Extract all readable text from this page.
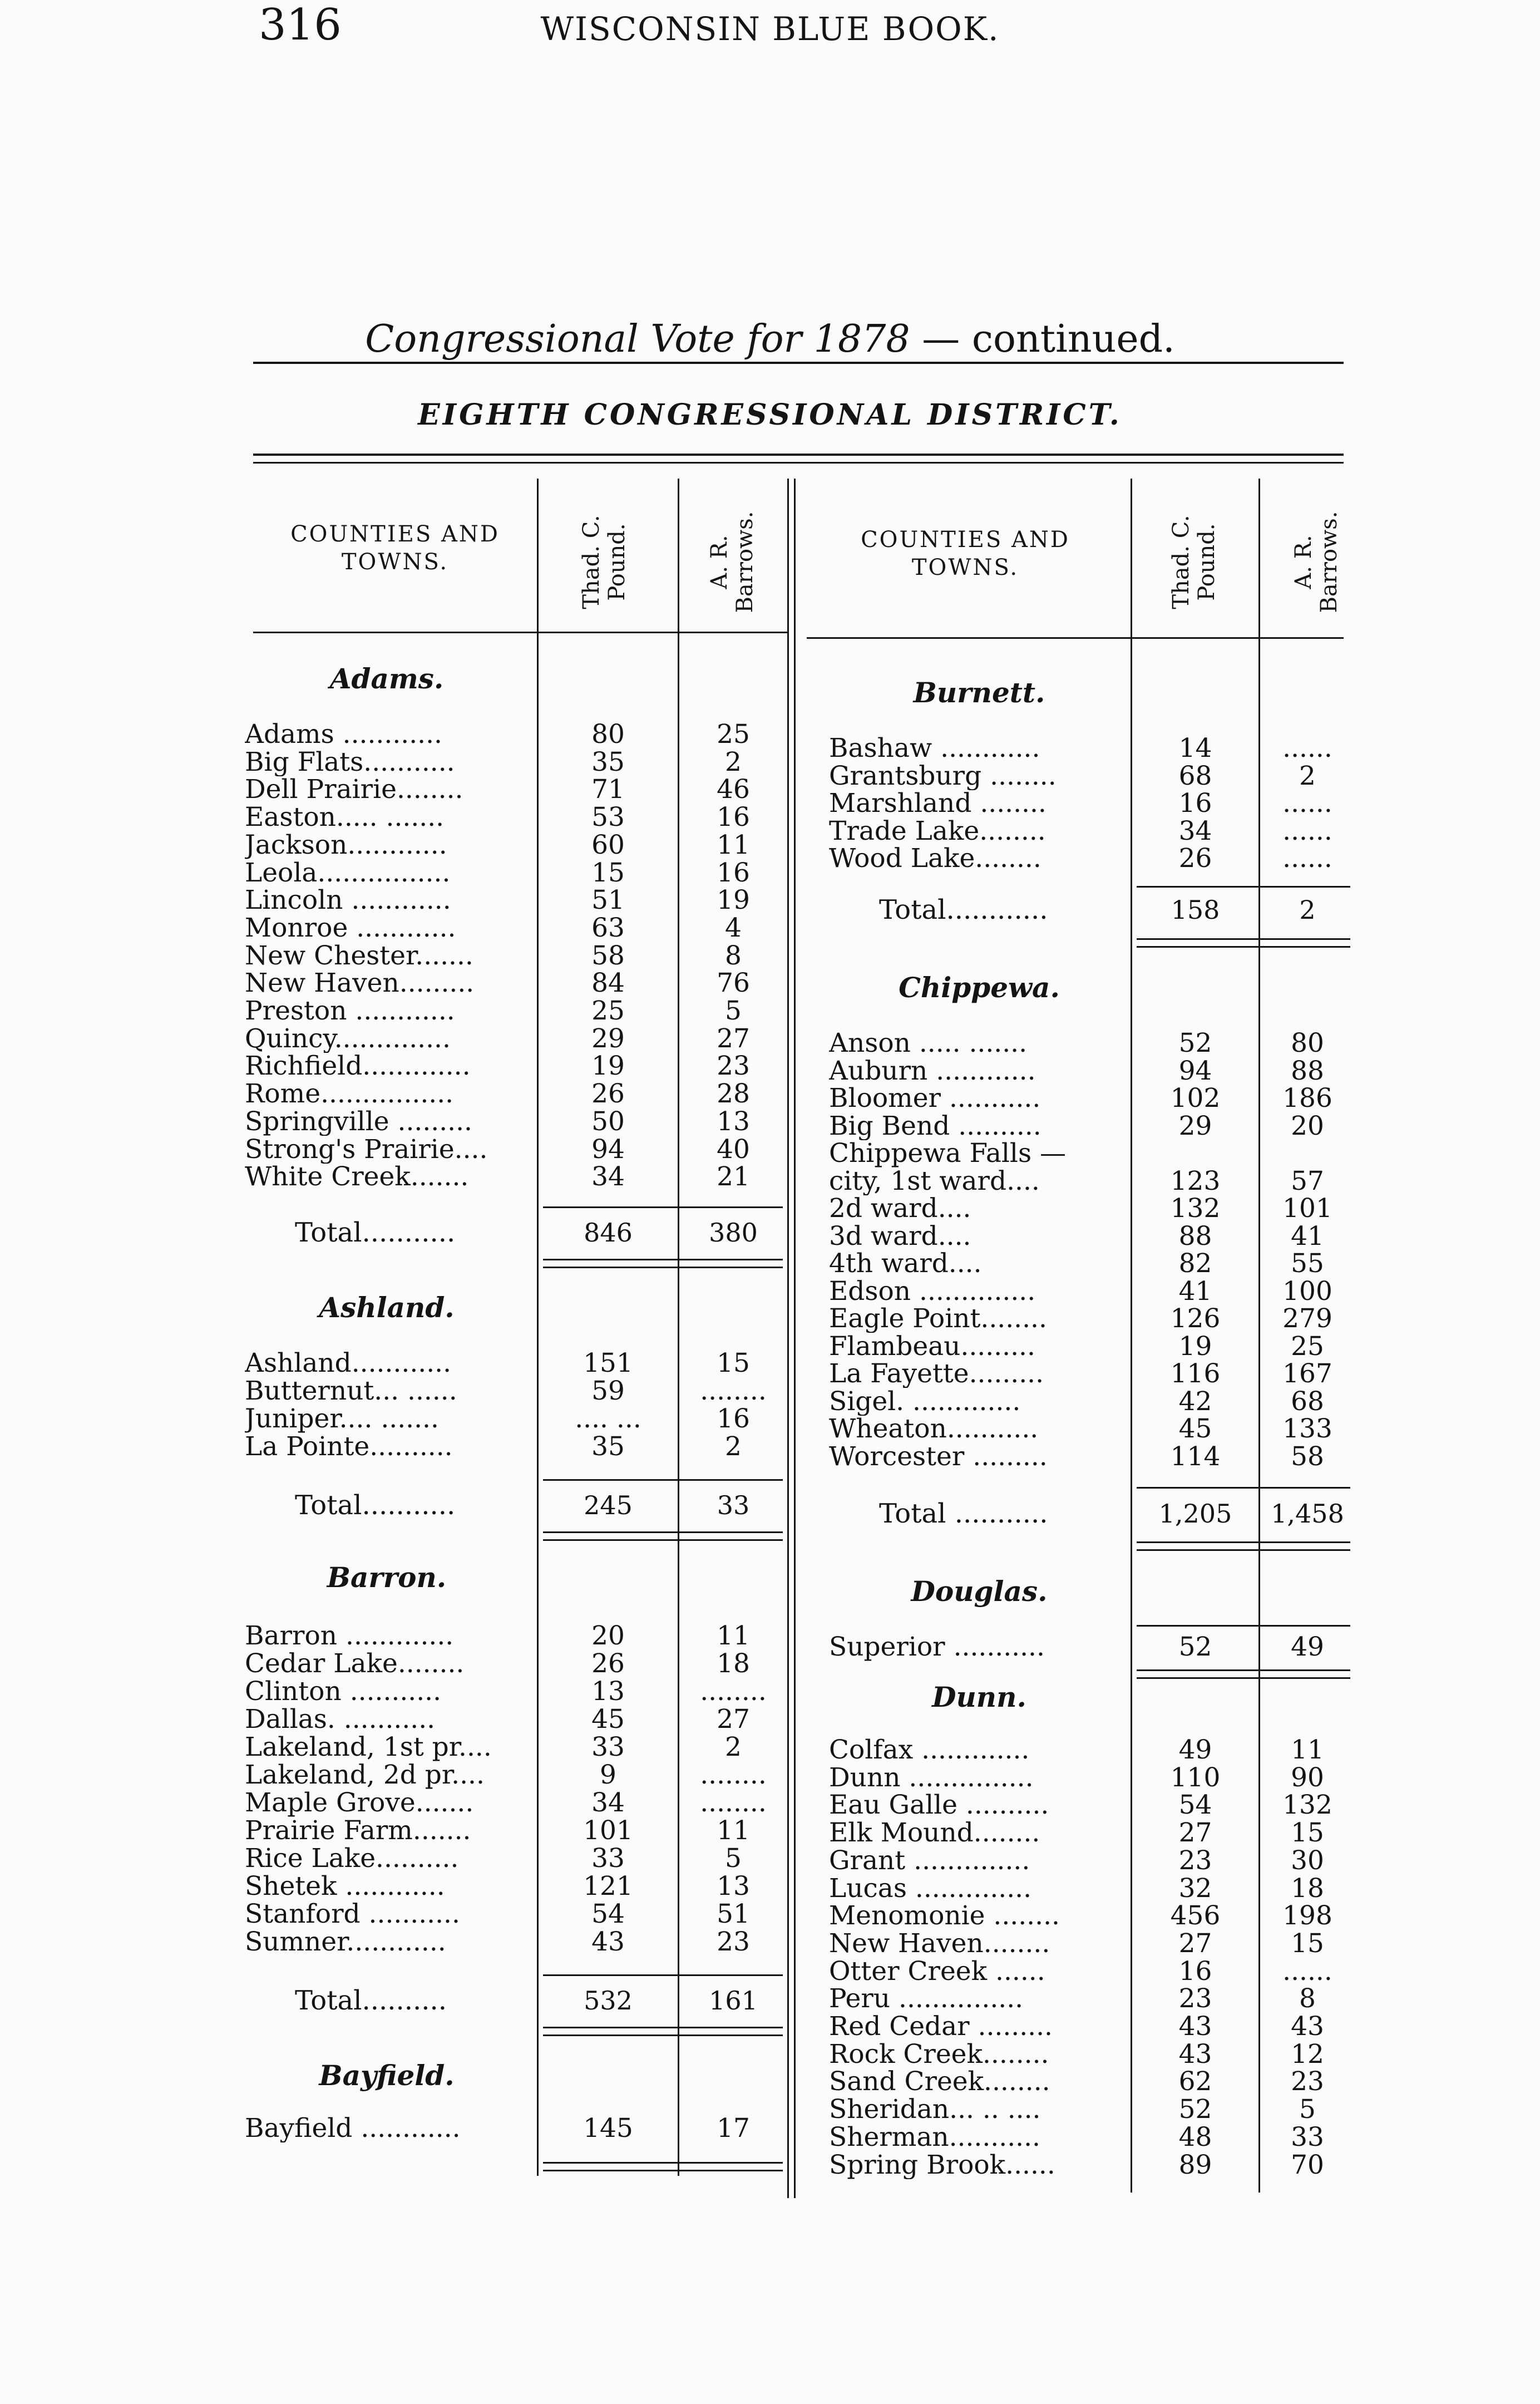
316	WISCONSIN BLUE BOOK.
Congressional Vote for 1878 — continued.
EIGHTH CONGRESSIONAL DISTRICT.
COUNTIES AND
TOWNS.	Thad. C. Pound.	A. R. Barrows.	COUNTIES AND
TOWNS.	Thad. C. Pound.	A. R. Barrows.
Adams.
Adams ............	80	25
Big Flats...........	35	2
Dell Prairie........	71	46
Easton..... .......	53	16
Jackson............	60	11
Leola................	15	16
Lincoln ............	51	19
Monroe ............	63	4
New Chester.......	58	8
New Haven.........	84	76
Preston ............	25	5
Quincy..............	29	27
Richfield.............	19	23
Rome................	26	28
Springville .........	50	13
Strong's Prairie....	94	40
White Creek.......	34	21
Total...........	846	380
Ashland.
Ashland............	151	15
Butternut... ......	59	........
Juniper.... .......	.... ...	16
La Pointe..........	35	2
Total...........	245	33
Barron.
Barron .............	20	11
Cedar Lake........	26	18
Clinton ...........	13	........
Dallas. ...........	45	27
Lakeland, 1st pr....	33	2
Lakeland, 2d pr....	9	........
Maple Grove.......	34	........
Prairie Farm.......	101	11
Rice Lake..........	33	5
Shetek ............	121	13
Stanford ...........	54	51
Sumner............	43	23
Total..........	532	161
Bayfield.
Bayfield ............	145	17
Burnett.
Bashaw ............	14	......
Grantsburg ........	68	2
Marshland ........	16	......
Trade Lake........	34	......
Wood Lake........	26	......
Total............	158	2
Chippewa.
Anson ..... .......	52	80
Auburn ............	94	88
Bloomer ...........	102	186
Big Bend ..........	29	20
Chippewa Falls —
city, 1st ward....	123	57
2d ward....	132	101
3d ward....	88	41
4th ward....	82	55
Edson ..............	41	100
Eagle Point........	126	279
Flambeau.........	19	25
La Fayette.........	116	167
Sigel. .............	42	68
Wheaton...........	45	133
Worcester .........	114	58
Total ...........	1,205	1,458
Douglas.
Superior ...........	52	49
Dunn.
Colfax .............	49	11
Dunn ...............	110	90
Eau Galle ..........	54	132
Elk Mound........	27	15
Grant ..............	23	30
Lucas ..............	32	18
Menomonie ........	456	198
New Haven........	27	15
Otter Creek ......	16	......
Peru ...............	23	8
Red Cedar .........	43	43
Rock Creek........	43	12
Sand Creek........	62	23
Sheridan... .. ....	52	5
Sherman...........	48	33
Spring Brook......	89	70
